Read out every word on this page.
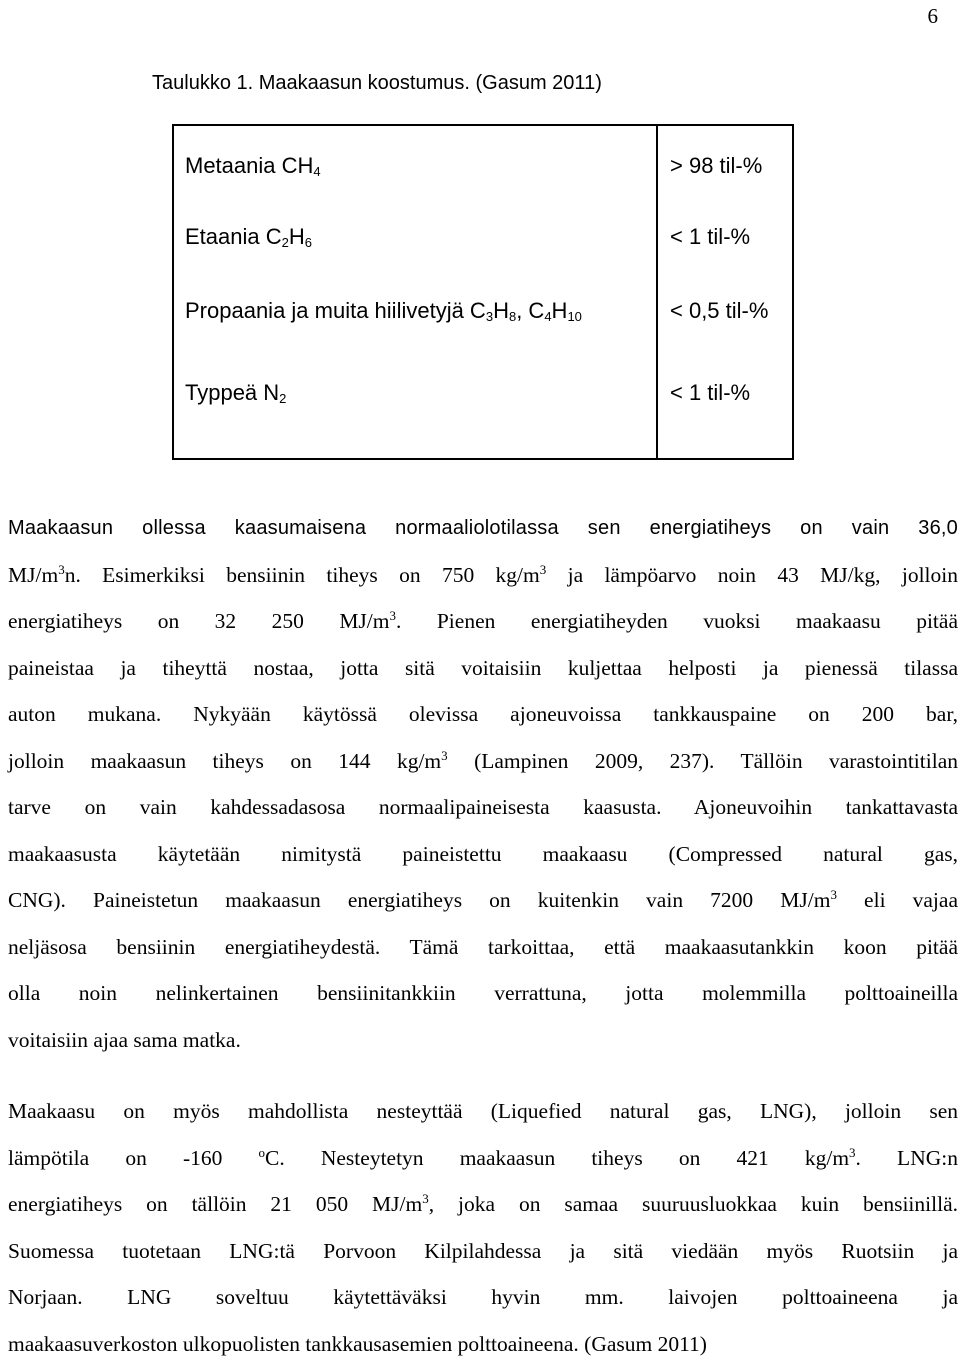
6
Taulukko 1. Maakaasun koostumus. (Gasum 2011)
Metaania $CH_4$	> 98 til-%
Etaania $C_2H_6$	< 1 til-%
Propaania ja muita hiilivetyjä $C_3H_8$, $C_4H_{10}$	< 0,5 til-%
Typpeä $N_2$	< 1 til-%
Maakaasun ollessa kaasumaisena normaaliolotilassa sen energiatiheys on vain 36,0
$MJ/m^3n$. Esimerkiksi bensiinin tiheys on 750 $kg/m^3$ ja lämpöarvo noin 43 MJ/kg, jolloin
energiatiheys on 32 250 $MJ/m^3$. Pienen energiatiheyden vuoksi maakaasu pitää
paineistaa ja tiheyttä nostaa, jotta sitä voitaisiin kuljettaa helposti ja pienessä tilassa
auton mukana. Nykyään käytössä olevissa ajoneuvoissa tankkauspaine on 200 bar,
jolloin maakaasun tiheys on 144 $kg/m^3$ (Lampinen 2009, 237). Tällöin varastointitilan
tarve on vain kahdessadasosa normaalipaineisesta kaasusta. Ajoneuvoihin tankattavasta
maakaasusta käytetään nimitystä paineistettu maakaasu (Compressed natural gas,
CNG). Paineistetun maakaasun energiatiheys on kuitenkin vain 7200 $MJ/m^3$ eli vajaa
neljäsosa bensiinin energiatiheydestä. Tämä tarkoittaa, että maakaasutankkin koon pitää
olla noin nelinkertainen bensiinitankkiin verrattuna, jotta molemmilla polttoaineilla
voitaisiin ajaa sama matka.
Maakaasu on myös mahdollista nesteyttää (Liquefied natural gas, LNG), jolloin sen
lämpötila on -160 $^o$C. Nesteytetyn maakaasun tiheys on 421 $kg/m^3$. LNG:n
energiatiheys on tällöin 21 050 $MJ/m^3$, joka on samaa suuruusluokkaa kuin bensiinillä.
Suomessa tuotetaan LNG:tä Porvoon Kilpilahdessa ja sitä viedään myös Ruotsiin ja
Norjaan. LNG soveltuu käytettäväksi hyvin mm. laivojen polttoaineena ja
maakaasuverkoston ulkopuolisten tankkausasemien polttoaineena. (Gasum 2011)
